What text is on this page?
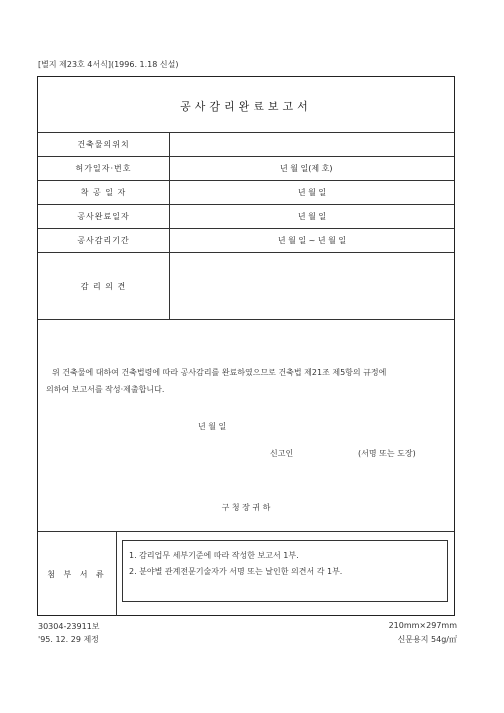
[별지 제23호 4서식](1996. 1.18 신설)
공사감리완료보고서
건축물의위치	
허가일자·번호	년 월 일(제 호)
착 공 일 자	년 월 일
공사완료일자	년 월 일
공사감리기간	년 월 일 ~ 년 월 일
감 리 의 견	
위 건축물에 대하여 건축법령에 따라 공사감리를 완료하였으므로 건축법 제21조 제5항의 규정에
의하여 보고서를 작성·제출합니다.
년 월 일
신고인	(서명 또는 도장)
구 청 장 귀 하
첨 부 서 류
1. 감리업무 세부기준에 따라 작성한 보고서 1부.
2. 분야별 관계전문기술자가 서명 또는 날인한 의견서 각 1부.
30304-23911보
'95. 12. 29 제정
210mm×297mm
신문용지 54g/㎡
